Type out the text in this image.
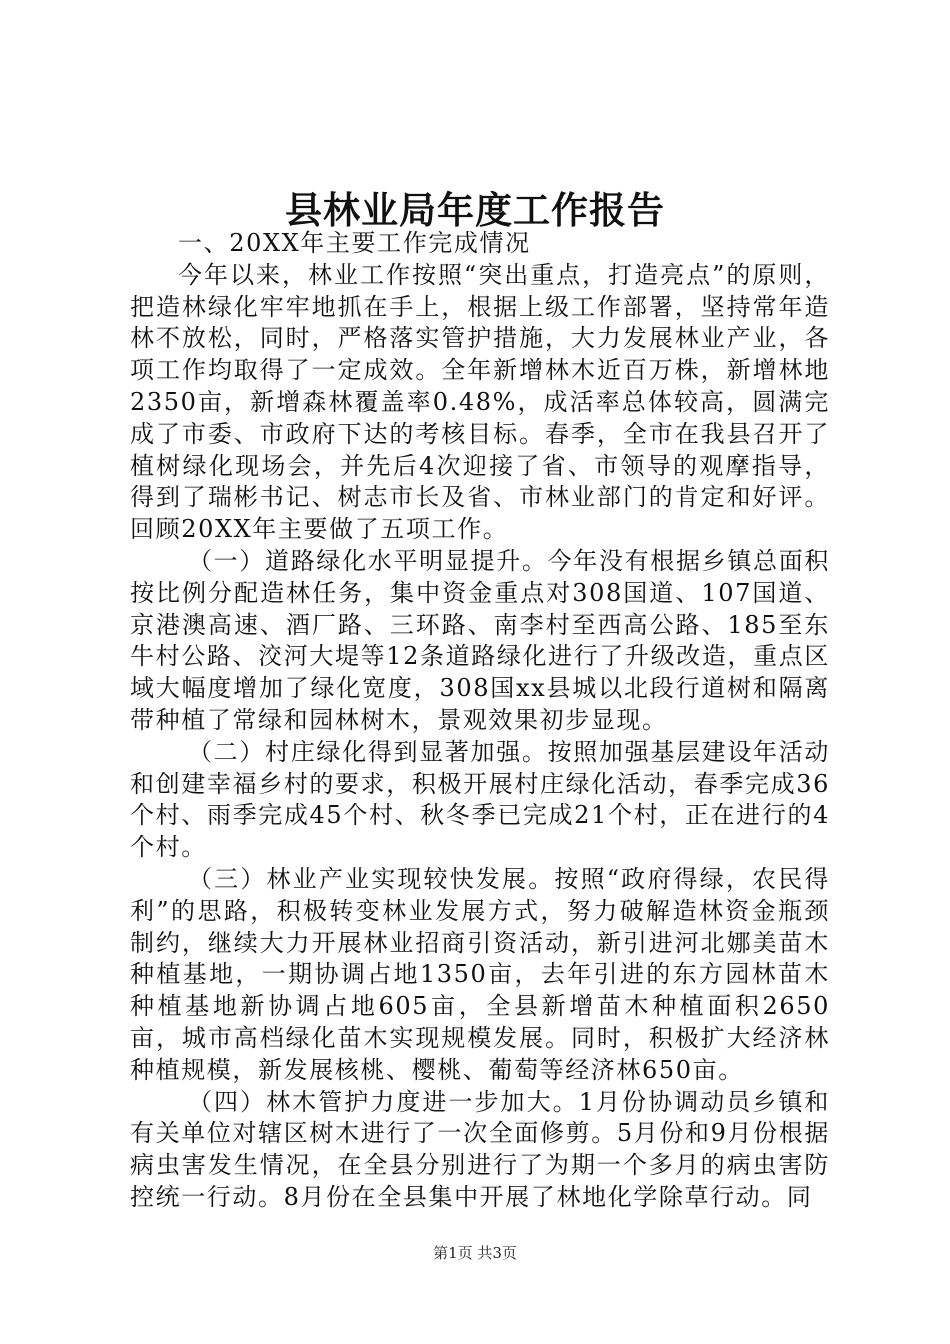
县林业局年度工作报告

一、20XX年主要工作完成情况

今年以来，林业工作按照“突出重点，打造亮点”的原则，把造林绿化牢牢地抓在手上，根据上级工作部署，坚持常年造林不放松，同时，严格落实管护措施，大力发展林业产业，各项工作均取得了一定成效。全年新增林木近百万株，新增林地2350亩，新增森林覆盖率0.48%，成活率总体较高，圆满完成了市委、市政府下达的考核目标。春季，全市在我县召开了植树绿化现场会，并先后4次迎接了省、市领导的观摩指导，得到了瑞彬书记、树志市长及省、市林业部门的肯定和好评。回顾20XX年主要做了五项工作。

（一）道路绿化水平明显提升。今年没有根据乡镇总面积按比例分配造林任务，集中资金重点对308国道、107国道、京港澳高速、酒厂路、三环路、南李村至西高公路、185至东牛村公路、洨河大堤等12条道路绿化进行了升级改造，重点区域大幅度增加了绿化宽度，308国xx县城以北段行道树和隔离带种植了常绿和园林树木，景观效果初步显现。

（二）村庄绿化得到显著加强。按照加强基层建设年活动和创建幸福乡村的要求，积极开展村庄绿化活动，春季完成36个村、雨季完成45个村、秋冬季已完成21个村，正在进行的4个村。

（三）林业产业实现较快发展。按照“政府得绿，农民得利”的思路，积极转变林业发展方式，努力破解造林资金瓶颈制约，继续大力开展林业招商引资活动，新引进河北娜美苗木种植基地，一期协调占地1350亩，去年引进的东方园林苗木种植基地新协调占地605亩，全县新增苗木种植面积2650亩，城市高档绿化苗木实现规模发展。同时，积极扩大经济林种植规模，新发展核桃、樱桃、葡萄等经济林650亩。

（四）林木管护力度进一步加大。1月份协调动员乡镇和有关单位对辖区树木进行了一次全面修剪。5月份和9月份根据病虫害发生情况，在全县分别进行了为期一个多月的病虫害防控统一行动。8月份在全县集中开展了林地化学除草行动。同

第1页 共3页
